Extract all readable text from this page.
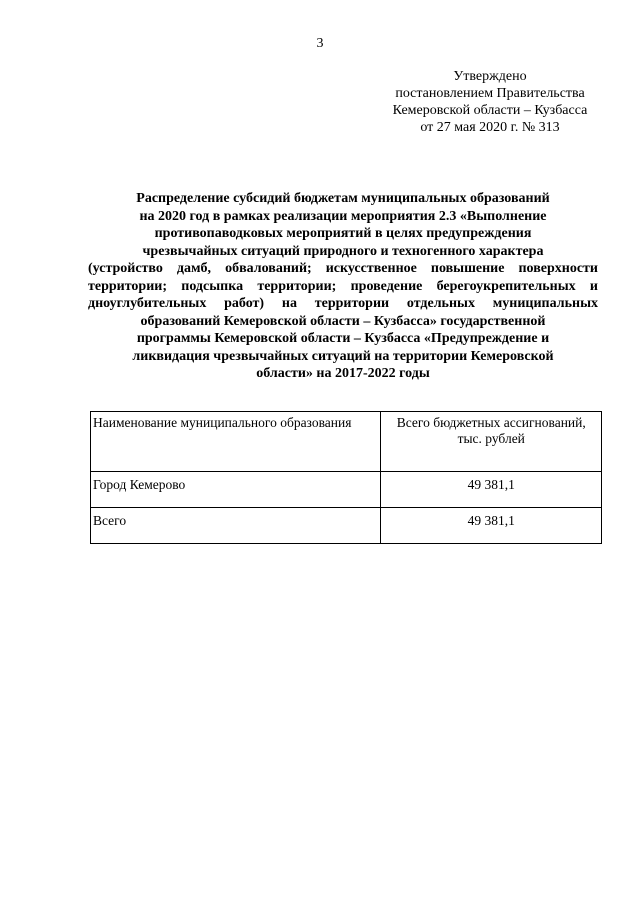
3
Утверждено
постановлением Правительства
Кемеровской области – Кузбасса
от 27 мая 2020 г. № 313
Распределение субсидий бюджетам муниципальных образований
на 2020 год в рамках реализации мероприятия 2.3 «Выполнение
противопаводковых мероприятий в целях предупреждения
чрезвычайных ситуаций природного и техногенного характера
(устройство дамб, обвалований; искусственное повышение поверхности
территории; подсыпка территории; проведение берегоукрепительных и
дноуглубительных работ) на территории отдельных муниципальных
образований Кемеровской области – Кузбасса» государственной
программы Кемеровской области – Кузбасса «Предупреждение и
ликвидация чрезвычайных ситуаций на территории Кемеровской
области» на 2017-2022 годы
Наименование муниципального образования	Всего бюджетных ассигнований, тыс. рублей
Город Кемерово	49 381,1
Всего	49 381,1
